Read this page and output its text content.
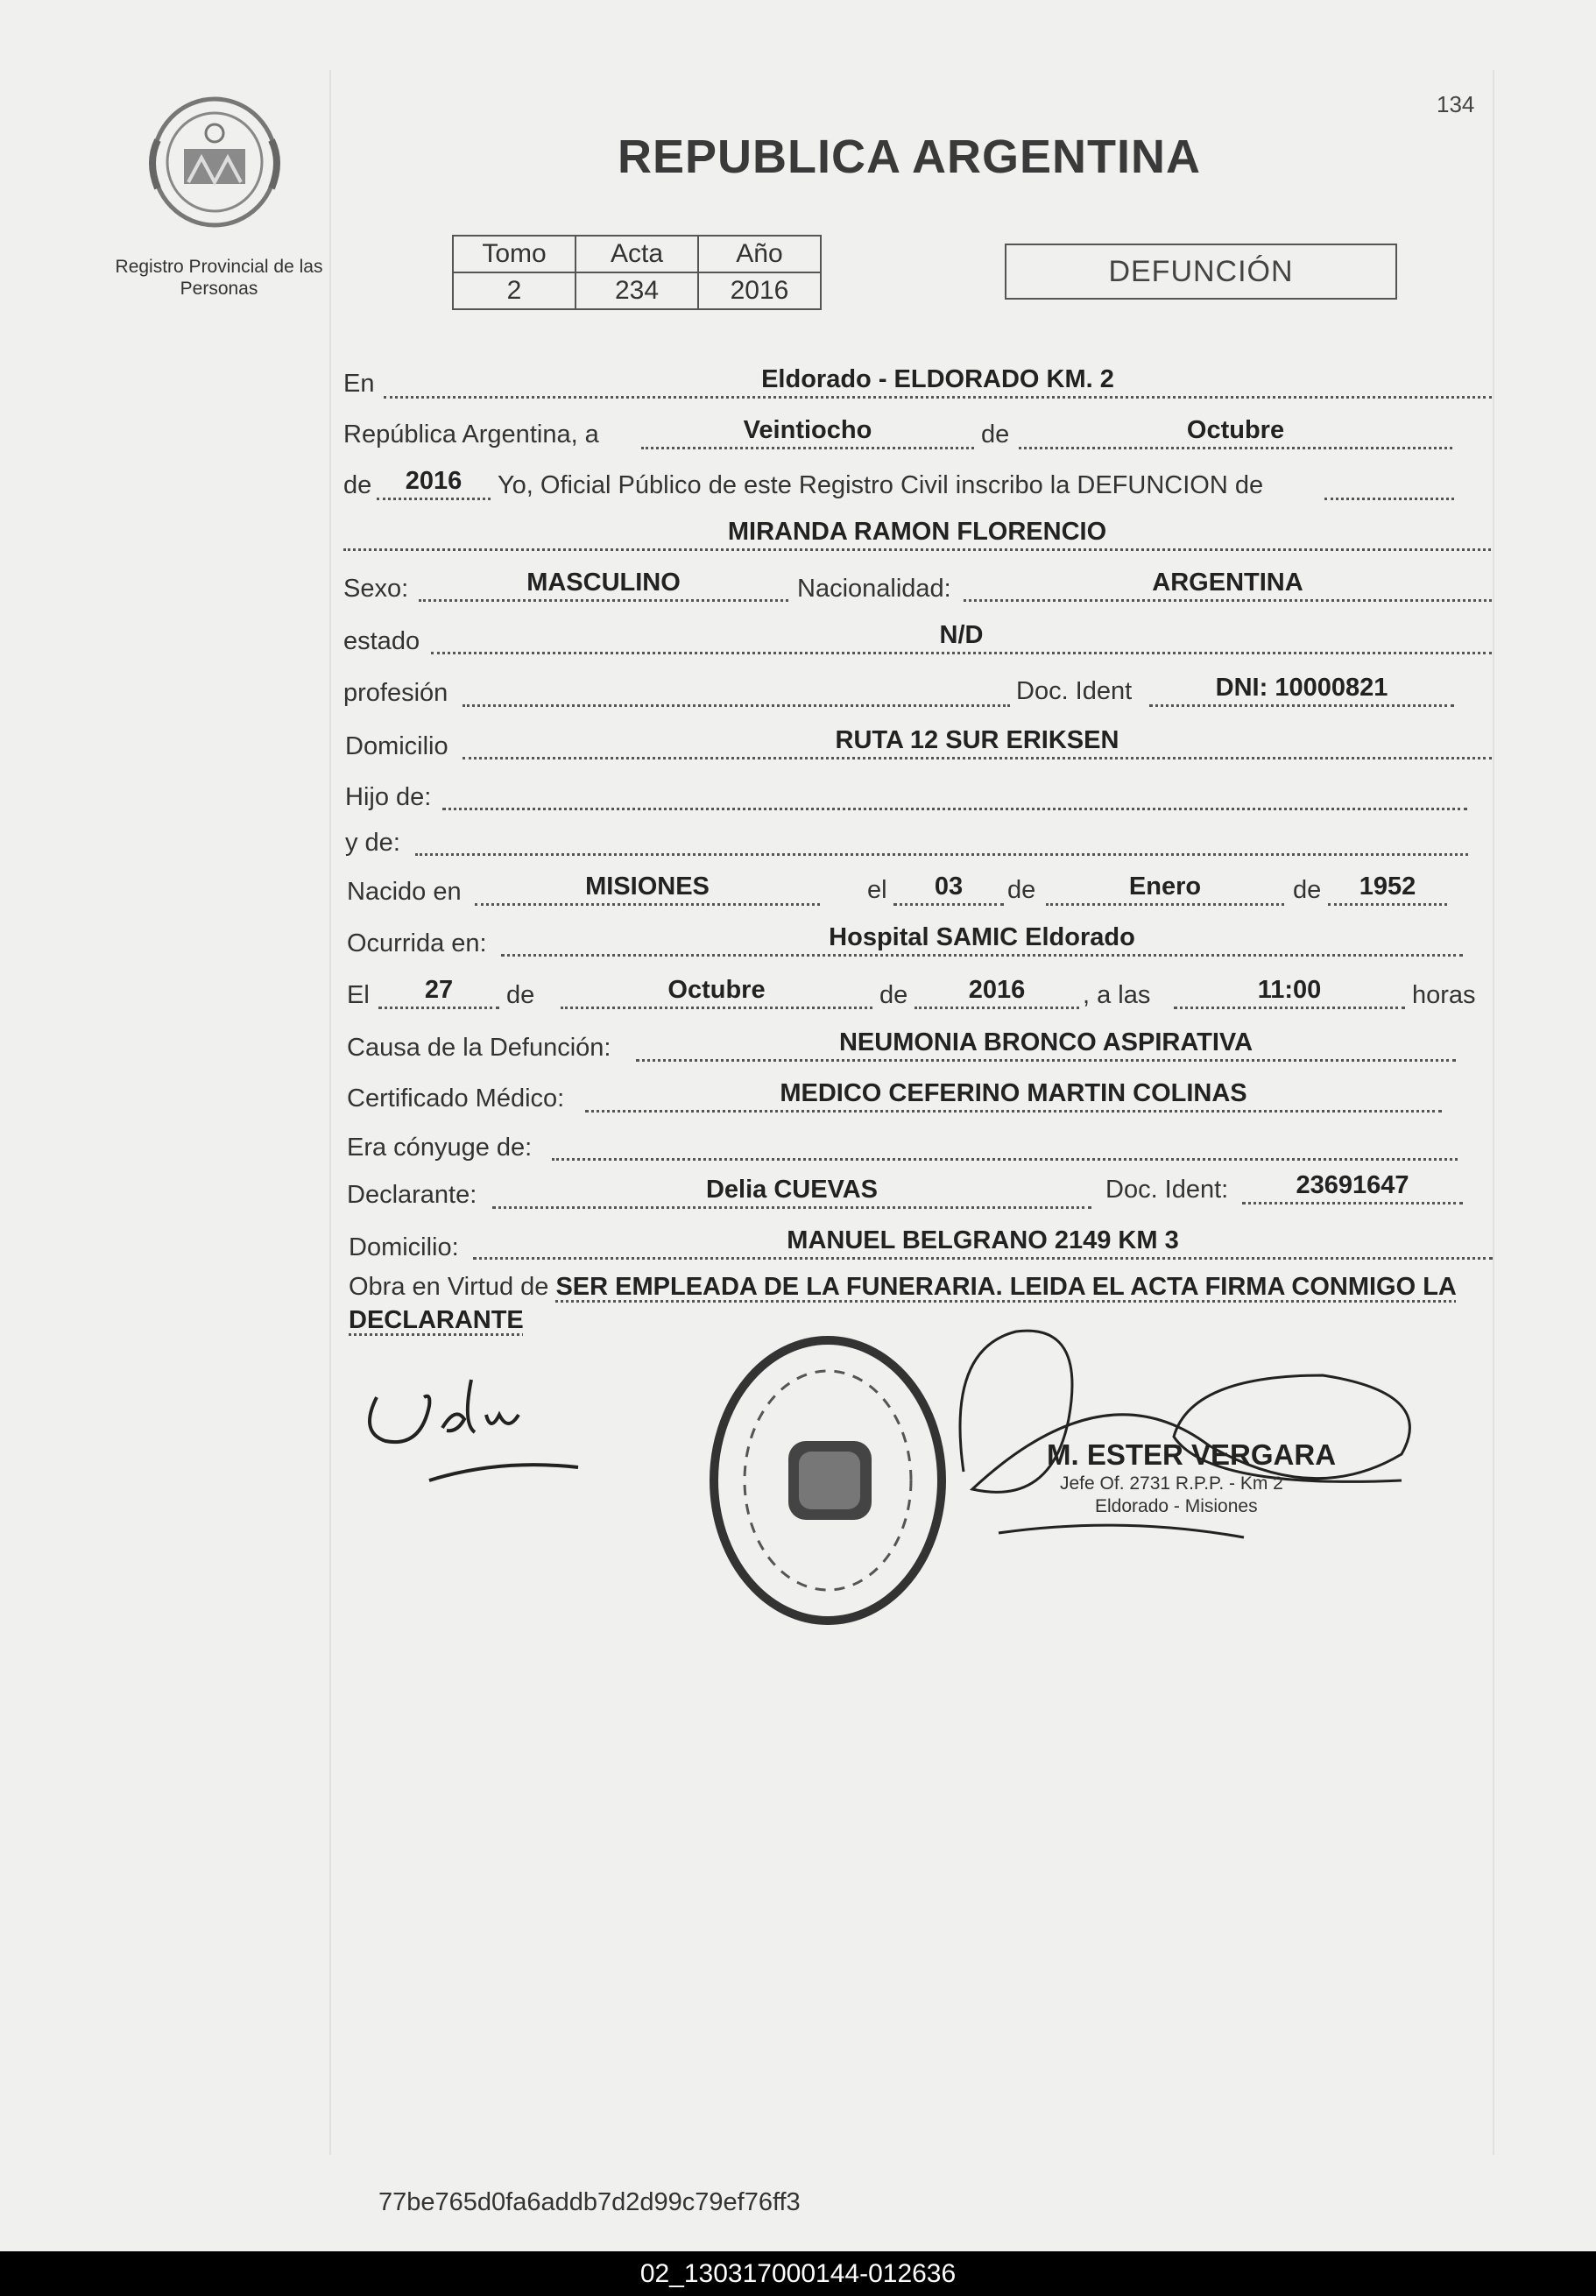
Registro Provincial de las Personas
134
REPUBLICA ARGENTINA
Tomo	Acta	Año
2	234	2016
DEFUNCIÓN
En	Eldorado - ELDORADO KM. 2
República Argentina, a	Veintiocho	de	Octubre
de	2016	Yo, Oficial Público de este Registro Civil inscribo la DEFUNCION de
MIRANDA RAMON FLORENCIO
Sexo:	MASCULINO	Nacionalidad:	ARGENTINA
estado	N/D
profesión	Doc. Ident	DNI: 10000821
Domicilio	RUTA 12 SUR ERIKSEN
Hijo de:
y de:
Nacido en	MISIONES	el	03	de	Enero	de	1952
Ocurrida en:	Hospital SAMIC Eldorado
El	27	de	Octubre	de	2016	, a las	11:00	horas
Causa de la Defunción:	NEUMONIA BRONCO ASPIRATIVA
Certificado Médico:	MEDICO CEFERINO MARTIN COLINAS
Era cónyuge de:
Declarante:	Delia CUEVAS	Doc. Ident:	23691647
Domicilio:	MANUEL BELGRANO 2149 KM 3
Obra en Virtud de SER EMPLEADA DE LA FUNERARIA. LEIDA EL ACTA FIRMA CONMIGO LA DECLARANTE
M. ESTER VERGARA
Jefe Of. 2731 R.P.P. - Km 2
Eldorado - Misiones
77be765d0fa6addb7d2d99c79ef76ff3
02_130317000144-012636
